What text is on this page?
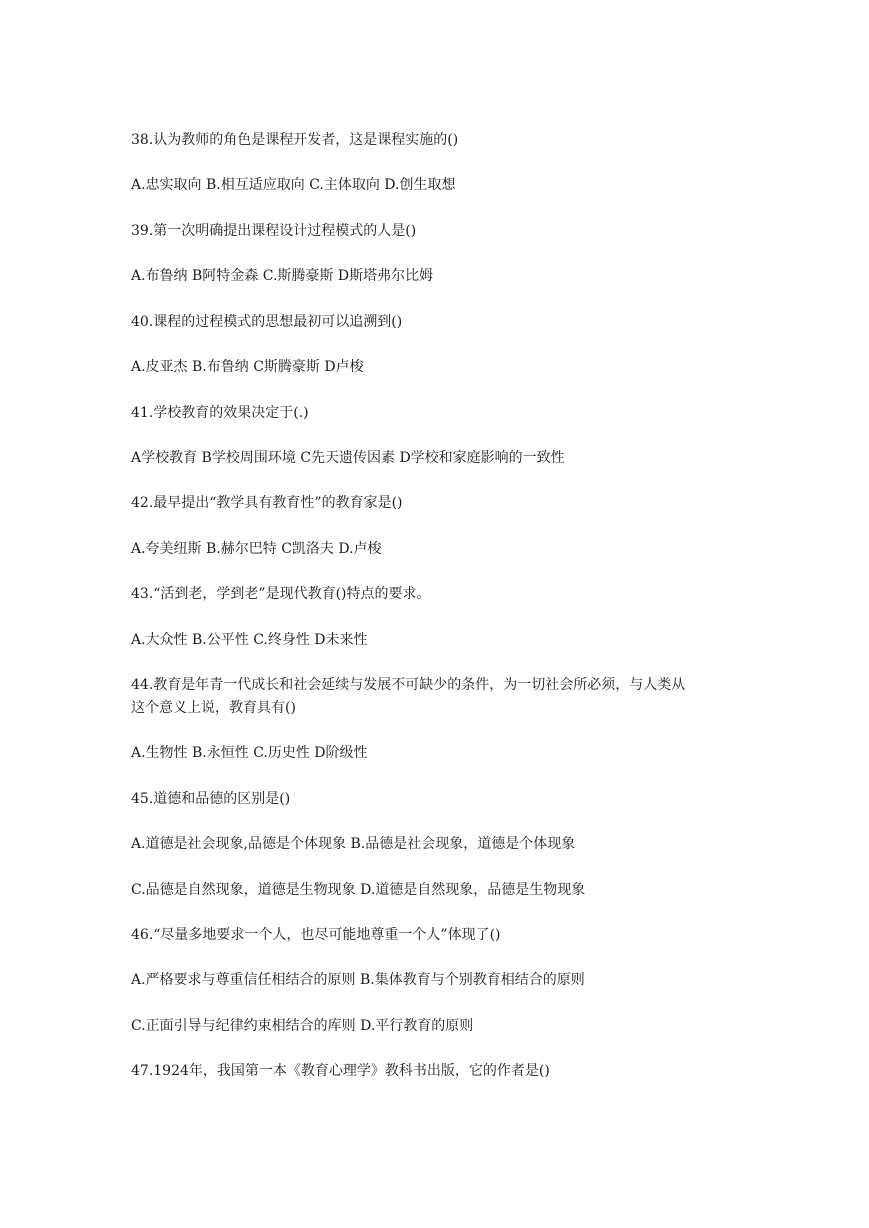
38.认为教师的角色是课程开发者，这是课程实施的()
A.忠实取向 B.相互适应取向 C.主体取向 D.创生取想
39.第一次明确提出课程设计过程模式的人是()
A.布鲁纳 B阿特金森 C.斯腾豪斯 D斯塔弗尔比姆
40.课程的过程模式的思想最初可以追溯到()
A.皮亚杰 B.布鲁纳 C斯腾豪斯 D卢梭
41.学校教育的效果决定于(.)
A学校教育 B学校周围环境 C先天遗传因素 D学校和家庭影响的一致性
42.最早提出“教学具有教育性”的教育家是()
A.夸美纽斯 B.赫尔巴特 C凯洛夫 D.卢梭
43.“活到老，学到老”是现代教育()特点的要求。
A.大众性 B.公平性 C.终身性 D未来性
44.教育是年青一代成长和社会延续与发展不可缺少的条件，为一切社会所必须，与人类从
这个意义上说，教育具有()
A.生物性 B.永恒性 C.历史性 D阶级性
45.道德和品德的区别是()
A.道德是社会现象,品德是个体现象 B.品德是社会现象，道德是个体现象
C.品德是自然现象，道德是生物现象 D.道德是自然现象，品德是生物现象
46.“尽量多地要求一个人，也尽可能地尊重一个人”体现了()
A.严格要求与尊重信任相结合的原则 B.集体教育与个别教育相结合的原则
C.正面引导与纪律约束相结合的库则 D.平行教育的原则
47.1924年，我国第一本《教育心理学》教科书出版，它的作者是()
